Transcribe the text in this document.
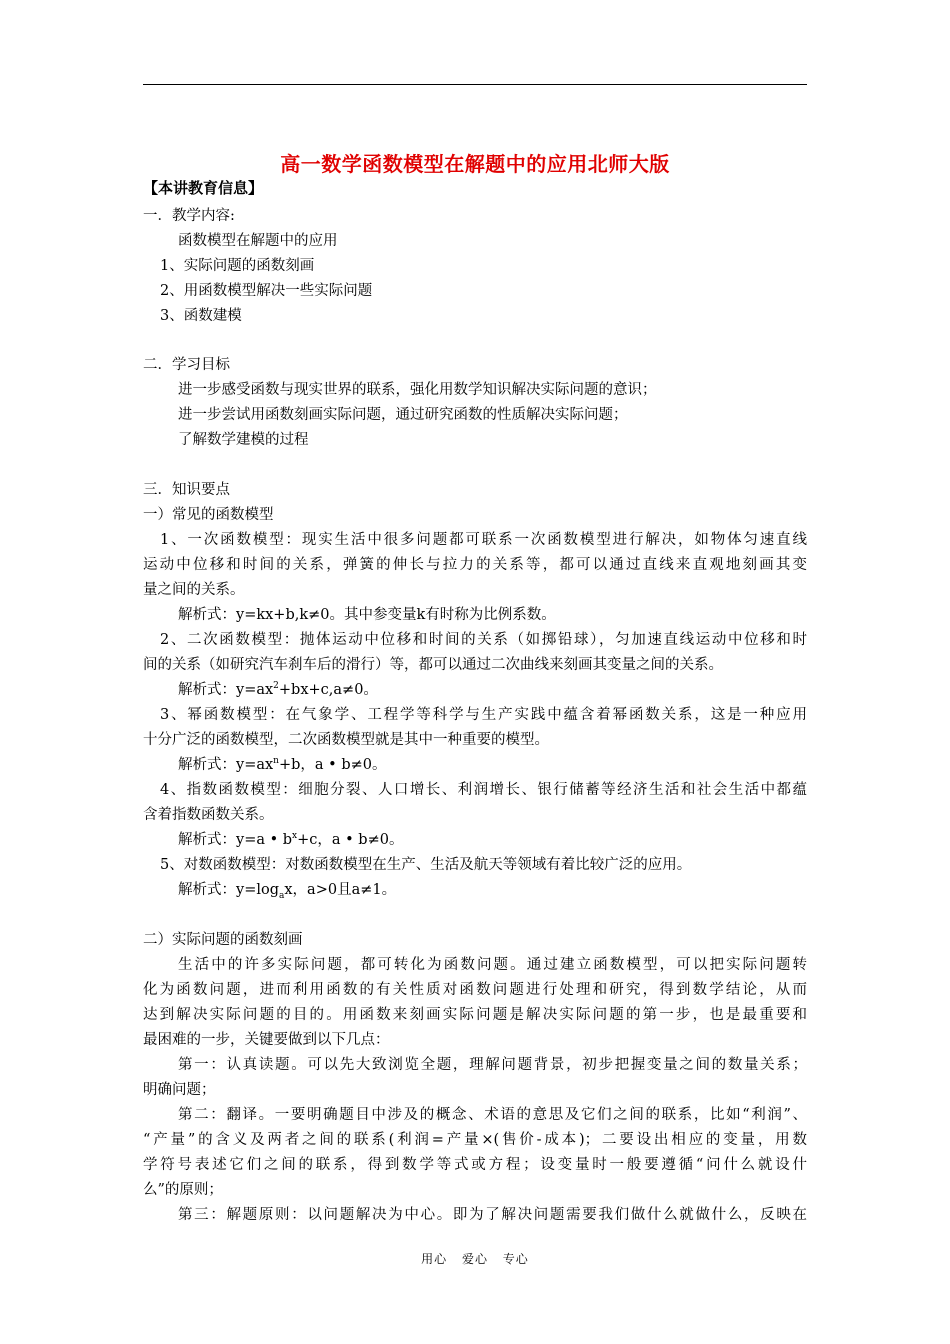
高一数学函数模型在解题中的应用北师大版
【本讲教育信息】
一．教学内容:
函数模型在解题中的应用
1、实际问题的函数刻画
2、用函数模型解决一些实际问题
3、函数建模
二．学习目标
进一步感受函数与现实世界的联系，强化用数学知识解决实际问题的意识；
进一步尝试用函数刻画实际问题，通过研究函数的性质解决实际问题；
了解数学建模的过程
三．知识要点
一）常见的函数模型
1、一次函数模型：现实生活中很多问题都可联系一次函数模型进行解决，如物体匀速直线
运动中位移和时间的关系，弹簧的伸长与拉力的关系等，都可以通过直线来直观地刻画其变
量之间的关系。
解析式：y=kx+b,k≠0。其中参变量k有时称为比例系数。
2、二次函数模型：抛体运动中位移和时间的关系（如掷铅球），匀加速直线运动中位移和时
间的关系（如研究汽车刹车后的滑行）等，都可以通过二次曲线来刻画其变量之间的关系。
解析式：$y=ax^2+bx+c,a\ne 0$。
3、幂函数模型：在气象学、工程学等科学与生产实践中蕴含着幂函数关系，这是一种应用
十分广泛的函数模型，二次函数模型就是其中一种重要的模型。
解析式：$y=ax^n+b$，a • b≠0。
4、指数函数模型：细胞分裂、人口增长、利润增长、银行储蓄等经济生活和社会生活中都蕴
含着指数函数关系。
解析式：y=a • $b^x+c$，a • b≠0。
5、对数函数模型：对数函数模型在生产、生活及航天等领域有着比较广泛的应用。
解析式：$y=\log_ax$，a>0且a≠1。
二）实际问题的函数刻画
生活中的许多实际问题，都可转化为函数问题。通过建立函数模型，可以把实际问题转
化为函数问题，进而利用函数的有关性质对函数问题进行处理和研究，得到数学结论，从而
达到解决实际问题的目的。用函数来刻画实际问题是解决实际问题的第一步，也是最重要和
最困难的一步，关键要做到以下几点：
第一：认真读题。可以先大致浏览全题，理解问题背景，初步把握变量之间的数量关系；
明确问题；
第二：翻译。一要明确题目中涉及的概念、术语的意思及它们之间的联系，比如“利润”、
“产量”的含义及两者之间的联系(利润=产量×(售价-成本)；二要设出相应的变量，用数
学符号表述它们之间的联系，得到数学等式或方程；设变量时一般要遵循“问什么就设什
么”的原则；
第三：解题原则：以问题解决为中心。即为了解决问题需要我们做什么就做什么，反映在
用心 爱心 专心
